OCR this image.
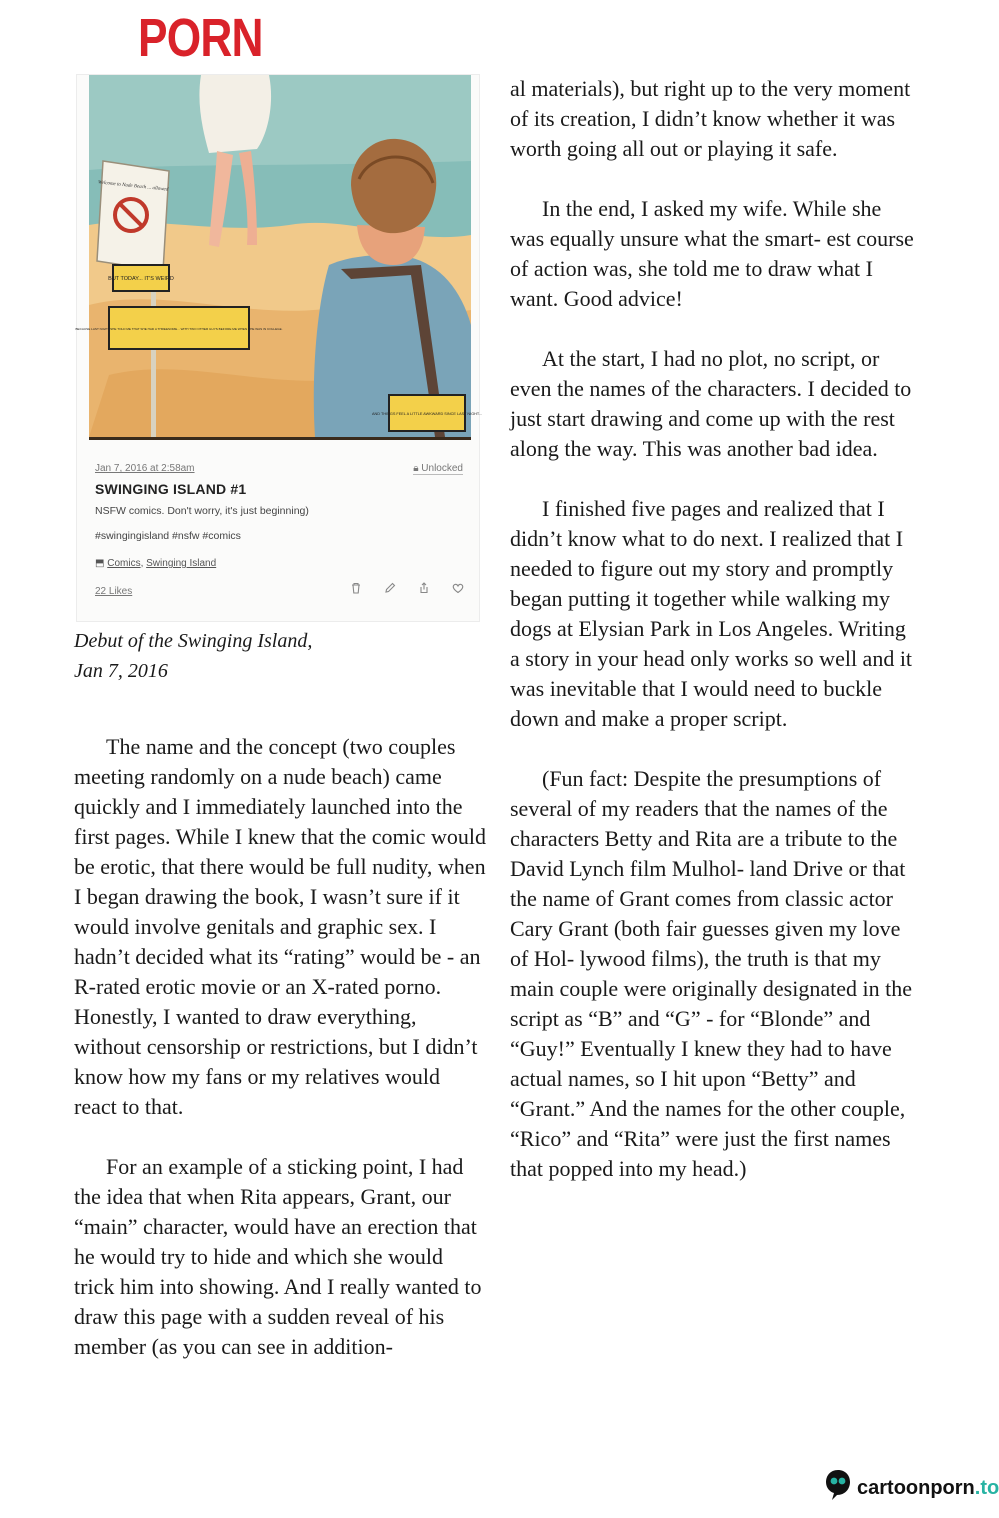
PORN
BUT TODAY... IT'S WEIRD
BECAUSE LAST NIGHT SHE TOLD ME THAT SHE HAD A THREESOME... WITH TWO OTHER GUYS BEFORE ME WHEN SHE WAS IN COLLEGE.
AND THINGS FEEL A LITTLE AWKWARD SINCE LAST NIGHT...
Welcome to Nude Beach ... allowed
Jan 7, 2016 at 2:58am	🔒︎ Unlocked
SWINGING ISLAND #1
NSFW comics. Don't worry, it's just beginning)
#swingingisland #nsfw #comics
⬒ Comics, Swinging Island
22 Likes

Debut of the Swinging Island,
Jan 7, 2016

The name and the concept (two couples meeting randomly on a nude beach) came quickly and I immediately launched into the first pages. While I knew that the comic would be erotic, that there would be full nudity, when I began drawing the book, I wasn’t sure if it would involve genitals and graphic sex. I hadn’t decided what its “rating” would be - an R-rated erotic movie or an X-rated porno. Honestly, I wanted to draw everything, without censorship or restrictions, but I didn’t know how my fans or my relatives would react to that.

For an example of a sticking point, I had the idea that when Rita appears, Grant, our “main” character, would have an erection that he would try to hide and which she would trick him into showing. And I really wanted to draw this page with a sudden reveal of his member (as you can see in addition-

al materials), but right up to the very moment of its creation, I didn’t know whether it was worth going all out or playing it safe.

In the end, I asked my wife. While she was equally unsure what the smart- est course of action was, she told me to draw what I want. Good advice!

At the start, I had no plot, no script, or even the names of the characters. I decided to just start drawing and come up with the rest along the way. This was another bad idea.

I finished five pages and realized that I didn’t know what to do next. I realized that I needed to figure out my story and promptly began putting it together while walking my dogs at Elysian Park in Los Angeles. Writing a story in your head only works so well and it was inevitable that I would need to buckle down and make a proper script.

(Fun fact: Despite the presumptions of several of my readers that the names of the characters Betty and Rita are a tribute to the David Lynch film Mulhol- land Drive or that the name of Grant comes from classic actor Cary Grant (both fair guesses given my love of Hol- lywood films), the truth is that my main couple were originally designated in the script as “B” and “G” - for “Blonde” and “Guy!” Eventually I knew they had to have actual names, so I hit upon “Betty” and “Grant.” And the names for the other couple, “Rico” and “Rita” were just the first names that popped into my head.)

cartoonporn.to
